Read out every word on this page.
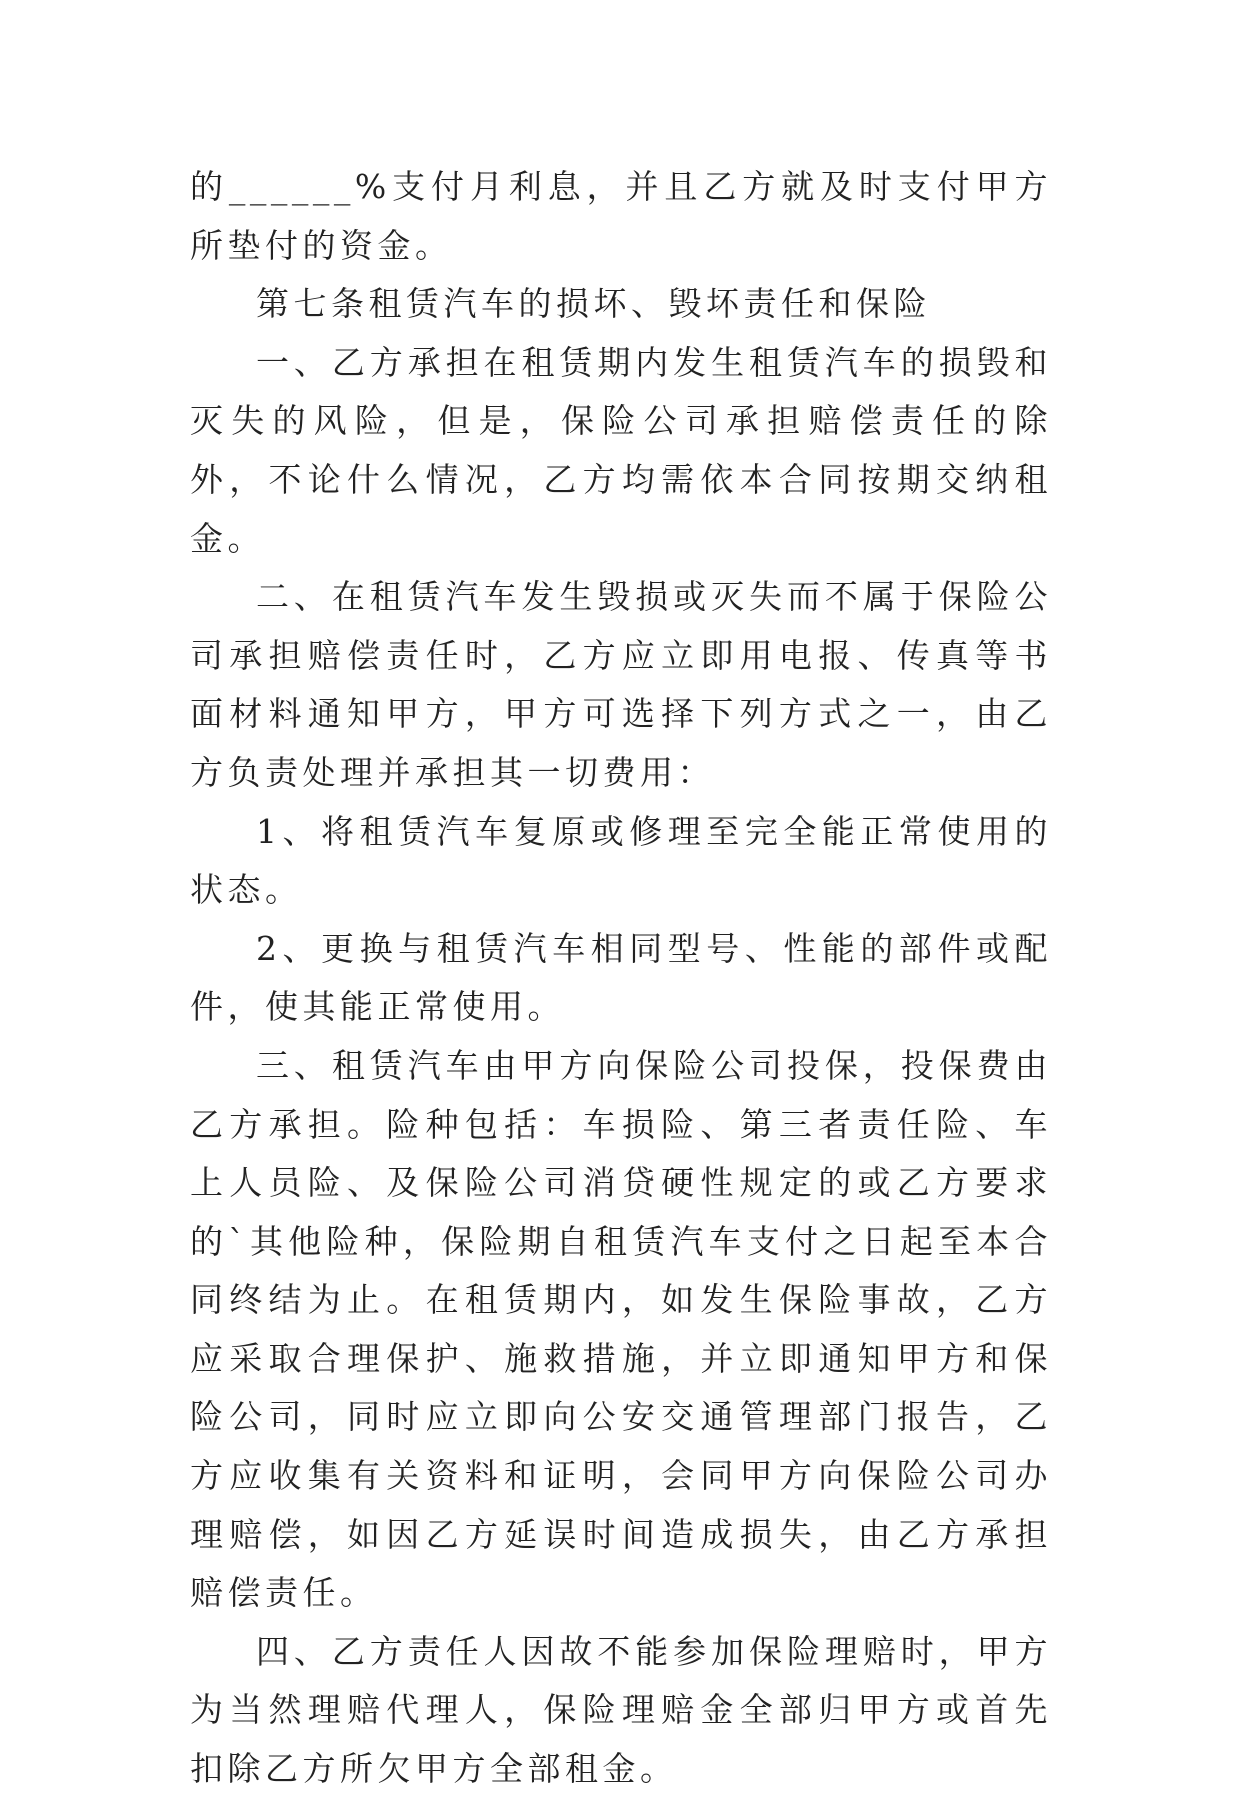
的______%支付月利息，并且乙方就及时支付甲方所垫付的资金。

第七条租赁汽车的损坏、毁坏责任和保险

一、乙方承担在租赁期内发生租赁汽车的损毁和灭失的风险，但是，保险公司承担赔偿责任的除外，不论什么情况，乙方均需依本合同按期交纳租金。

二、在租赁汽车发生毁损或灭失而不属于保险公司承担赔偿责任时，乙方应立即用电报、传真等书面材料通知甲方，甲方可选择下列方式之一，由乙方负责处理并承担其一切费用：

1、将租赁汽车复原或修理至完全能正常使用的状态。

2、更换与租赁汽车相同型号、性能的部件或配件，使其能正常使用。

三、租赁汽车由甲方向保险公司投保，投保费由乙方承担。险种包括：车损险、第三者责任险、车上人员险、及保险公司消贷硬性规定的或乙方要求的`其他险种，保险期自租赁汽车支付之日起至本合同终结为止。在租赁期内，如发生保险事故，乙方应采取合理保护、施救措施，并立即通知甲方和保险公司，同时应立即向公安交通管理部门报告，乙方应收集有关资料和证明，会同甲方向保险公司办理赔偿，如因乙方延误时间造成损失，由乙方承担赔偿责任。

四、乙方责任人因故不能参加保险理赔时，甲方为当然理赔代理人，保险理赔金全部归甲方或首先扣除乙方所欠甲方全部租金。
